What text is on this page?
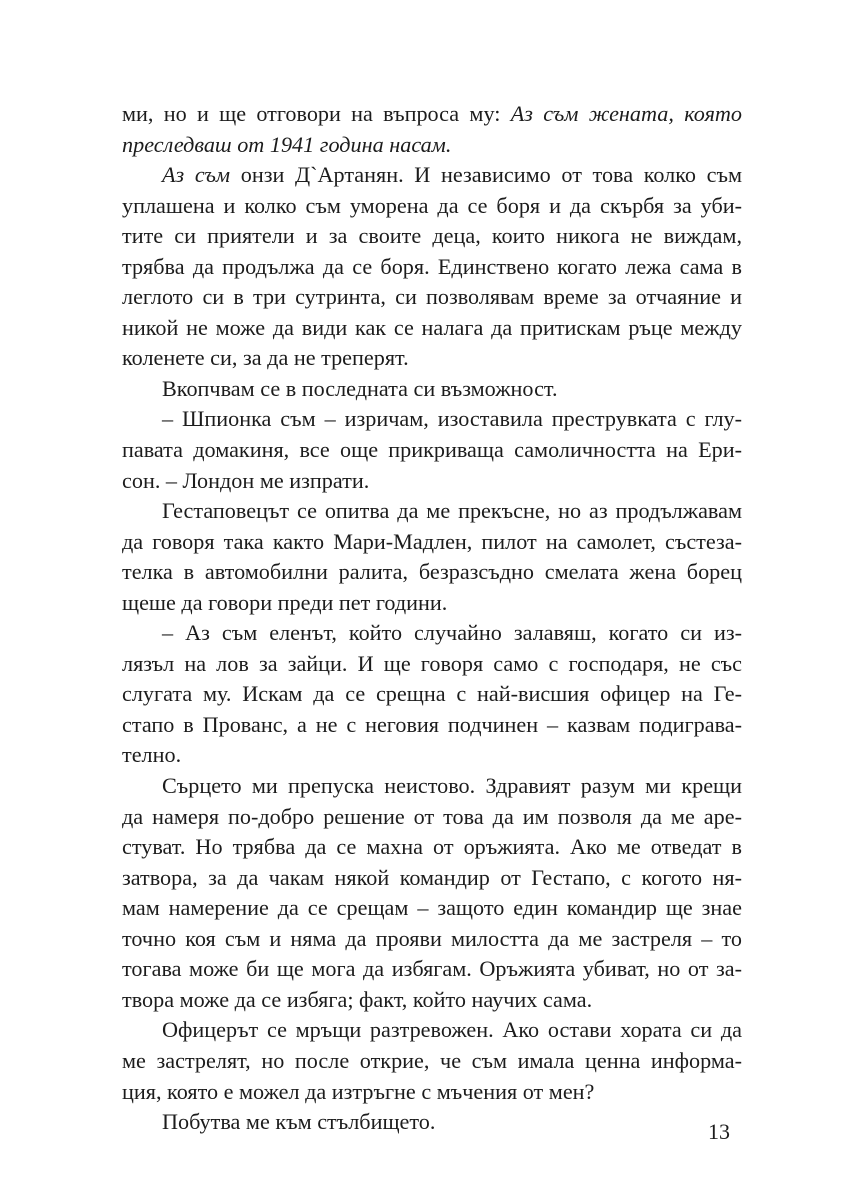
ми, но и ще отговори на въпроса му: Аз съм жената, която
преследваш от 1941 година насам.
Аз съм онзи Д`Артанян. И независимо от това колко съм
уплашена и колко съм уморена да се боря и да скърбя за уби-
тите си приятели и за своите деца, които никога не виждам,
трябва да продължа да се боря. Единствено когато лежа сама в
леглото си в три сутринта, си позволявам време за отчаяние и
никой не може да види как се налага да притискам ръце между
коленете си, за да не треперят.
Вкопчвам се в последната си възможност.
– Шпионка съм – изричам, изоставила преструвката с глу-
павата домакиня, все още прикриваща самоличността на Ери-
сон. – Лондон ме изпрати.
Гестаповецът се опитва да ме прекъсне, но аз продължавам
да говоря така както Мари-Мадлен, пилот на самолет, състеза-
телка в автомобилни ралита, безразсъдно смелата жена борец
щеше да говори преди пет години.
– Аз съм еленът, който случайно залавяш, когато си из-
лязъл на лов за зайци. И ще говоря само с господаря, не със
слугата му. Искам да се срещна с най-висшия офицер на Ге-
стапо в Прованс, а не с неговия подчинен – казвам подиграва-
телно.
Сърцето ми препуска неистово. Здравият разум ми крещи
да намеря по-добро решение от това да им позволя да ме аре-
стуват. Но трябва да се махна от оръжията. Ако ме отведат в
затвора, за да чакам някой командир от Гестапо, с когото ня-
мам намерение да се срещам – защото един командир ще знае
точно коя съм и няма да прояви милостта да ме застреля – то
тогава може би ще мога да избягам. Оръжията убиват, но от за-
твора може да се избяга; факт, който научих сама.
Офицерът се мръщи разтревожен. Ако остави хората си да
ме застрелят, но после открие, че съм имала ценна информа-
ция, която е можел да изтръгне с мъчения от мен?
Побутва ме към стълбището.	13
